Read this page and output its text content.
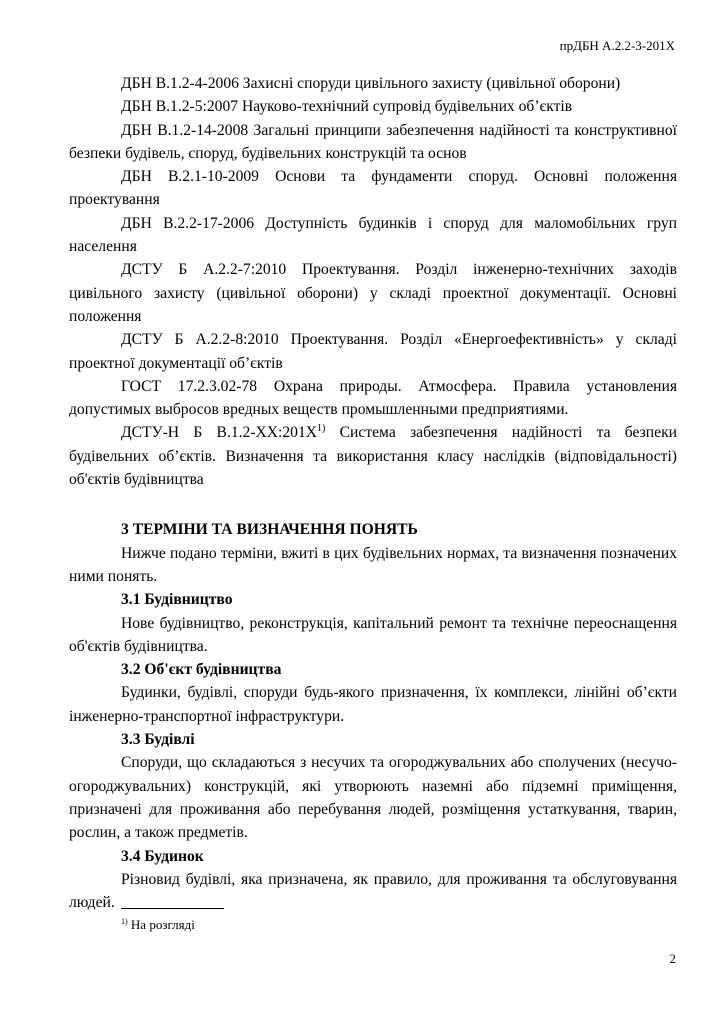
прДБН А.2.2-3-201Х

ДБН В.1.2-4-2006 Захисні споруди цивільного захисту (цивільної оборони)

ДБН В.1.2-5:2007 Науково-технічний супровід будівельних об’єктів

ДБН В.1.2-14-2008 Загальні принципи забезпечення надійності та конструктивної безпеки будівель, споруд, будівельних конструкцій та основ

ДБН В.2.1-10-2009 Основи та фундаменти споруд. Основні положення проектування

ДБН В.2.2-17-2006 Доступність будинків і споруд для маломобільних груп населення

ДСТУ Б А.2.2-7:2010 Проектування. Розділ інженерно-технічних заходів цивільного захисту (цивільної оборони) у складі проектної документації. Основні положення

ДСТУ Б А.2.2-8:2010 Проектування. Розділ «Енергоефективність» у складі проектної документації об’єктів

ГОСТ 17.2.3.02-78 Охрана природы. Атмосфера. Правила установления допустимых выбросов вредных веществ промышленными предприятиями.

ДСТУ-Н Б $В.1.2-ХХ:201Х^{1)}$ Система забезпечення надійності та безпеки будівельних об’єктів. Визначення та використання класу наслідків (відповідальності) об'єктів будівництва

3 ТЕРМІНИ ТА ВИЗНАЧЕННЯ ПОНЯТЬ

Нижче подано терміни, вжиті в цих будівельних нормах, та визначення позначених ними понять.

3.1 Будівництво

Нове будівництво, реконструкція, капітальний ремонт та технічне переоснащення об'єктів будівництва.

3.2 Об'єкт будівництва

Будинки, будівлі, споруди будь-якого призначення, їх комплекси, лінійні об’єкти інженерно-транспортної інфраструктури.

3.3 Будівлі

Споруди, що складаються з несучих та огороджувальних або сполучених (несучо-огороджувальних) конструкцій, які утворюють наземні або підземні приміщення, призначені для проживання або перебування людей, розміщення устаткування, тварин, рослин, а також предметів.

3.4 Будинок

Різновид будівлі, яка призначена, як правило, для проживання та обслуговування людей.

$^{1)}$ На розгляді
2
